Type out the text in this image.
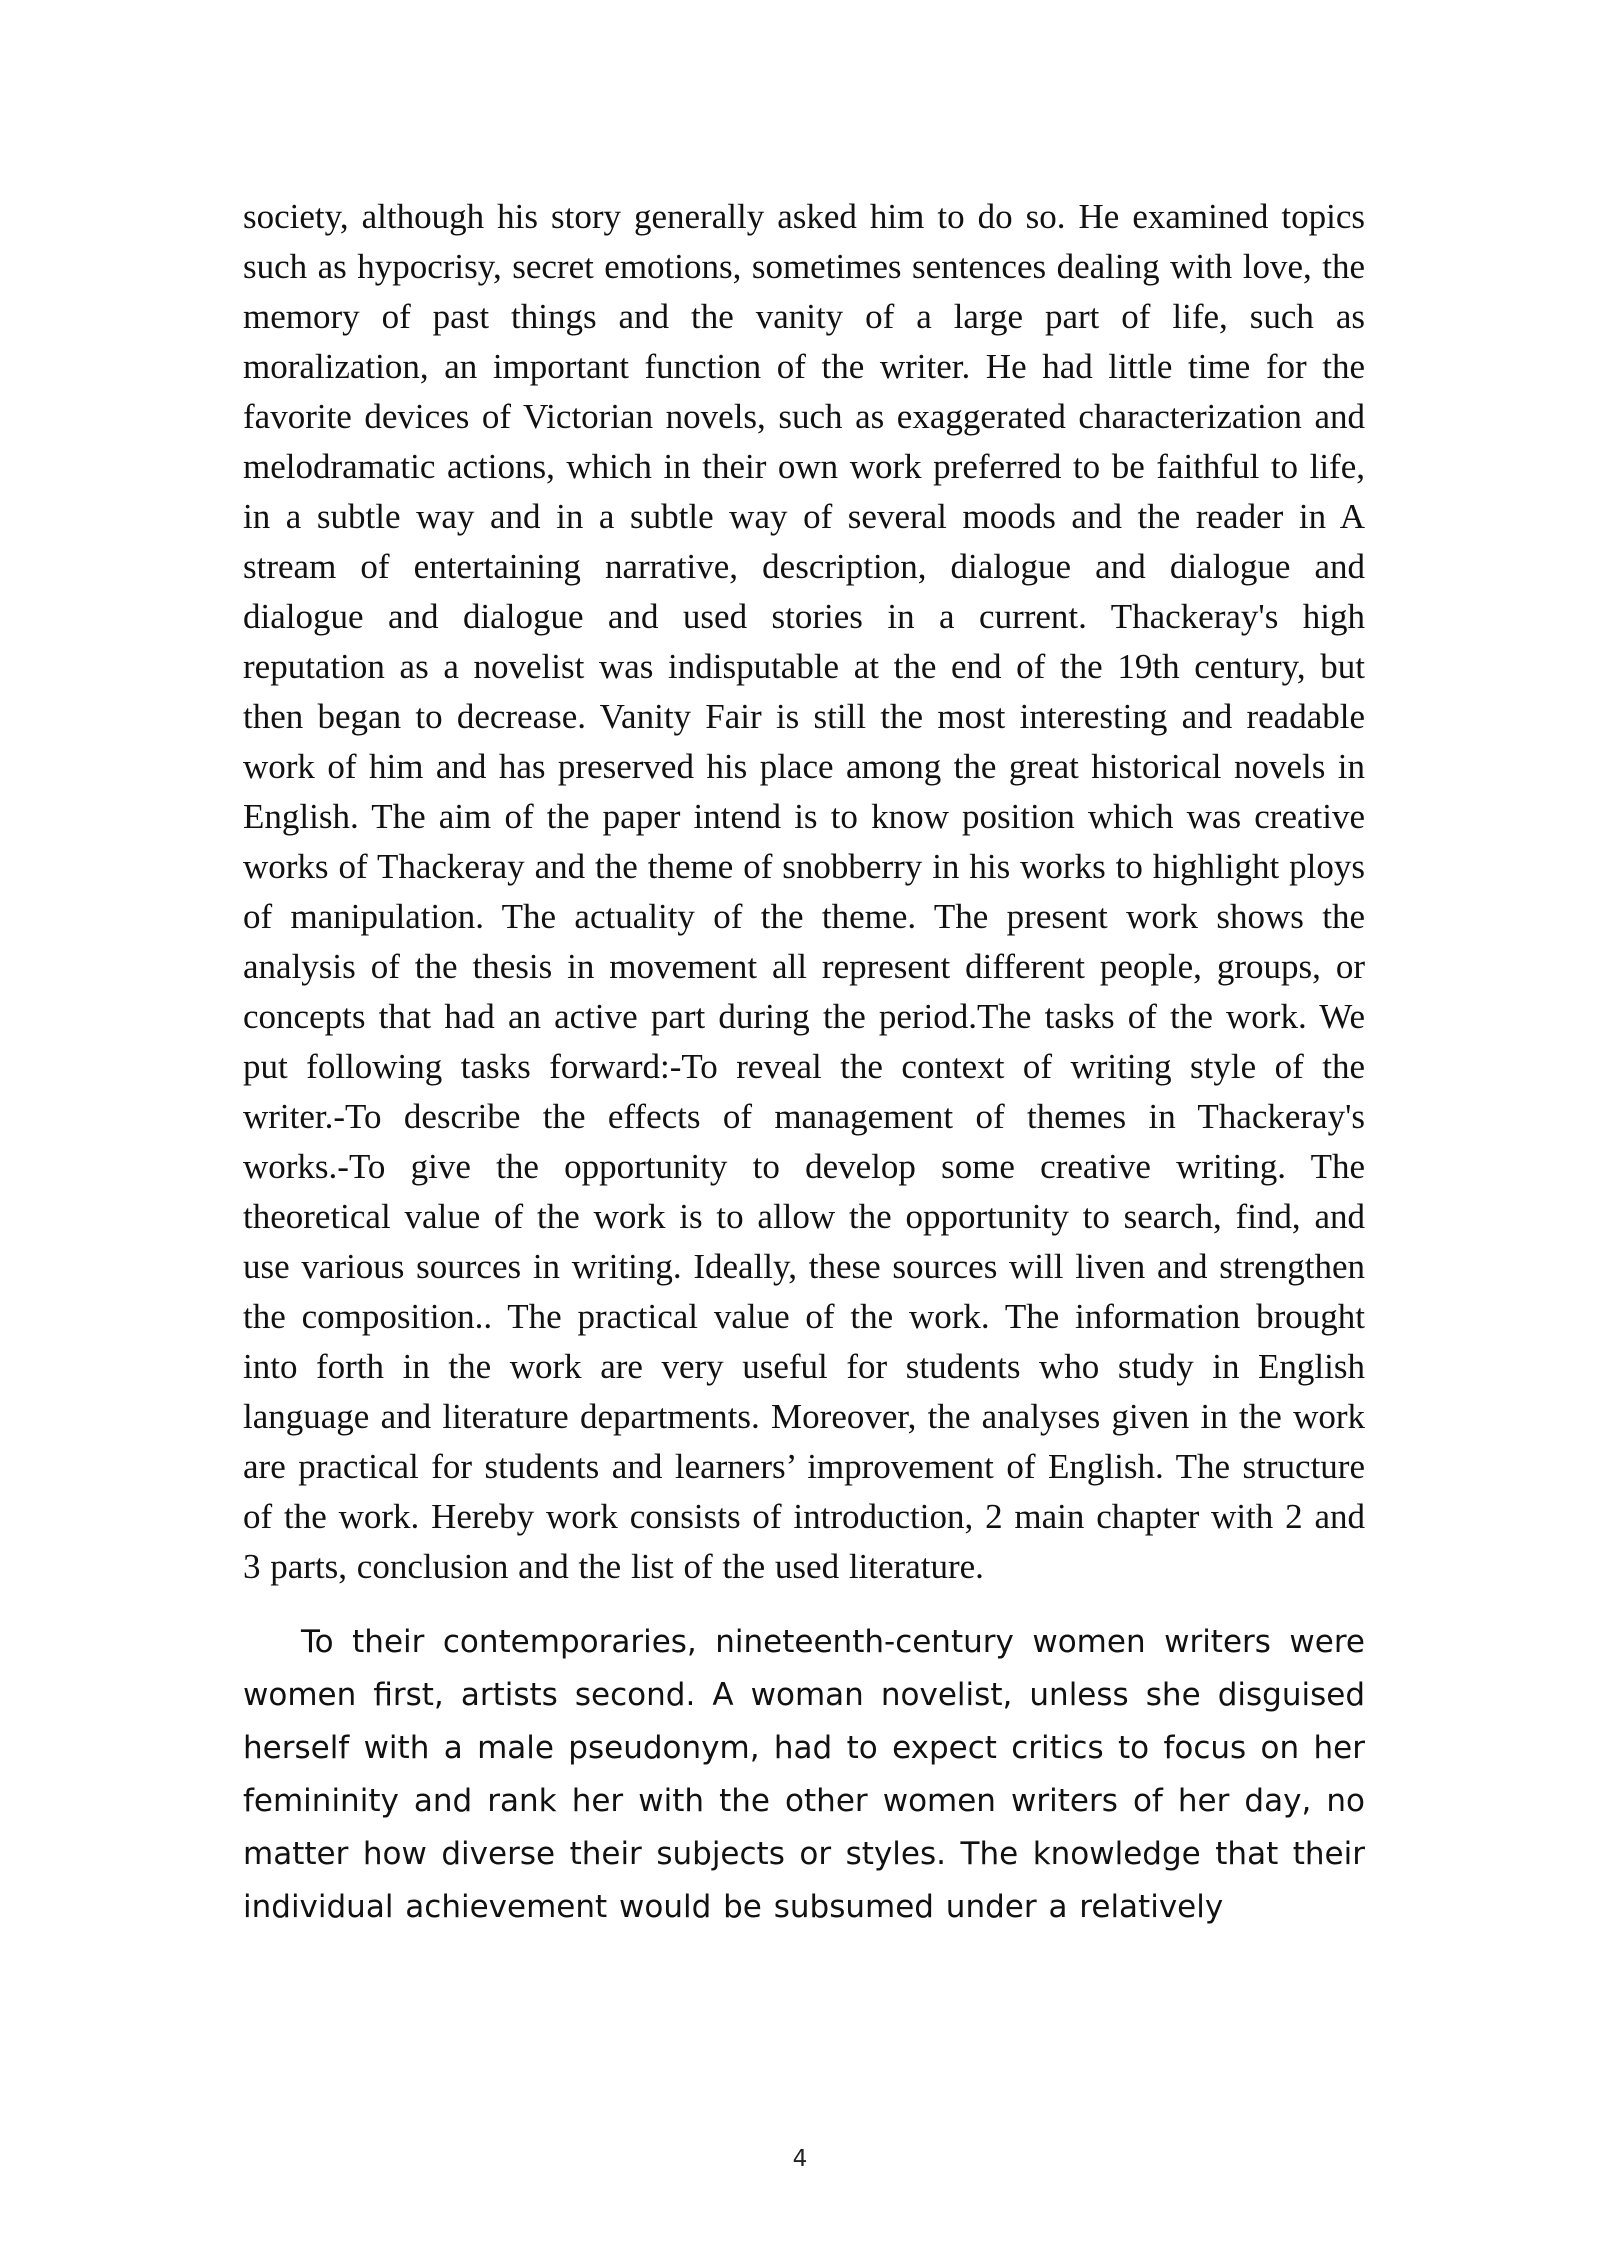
society, although his story generally asked him to do so. He examined topics such as hypocrisy, secret emotions, sometimes sentences dealing with love, the memory of past things and the vanity of a large part of life, such as moralization, an important function of the writer. He had little time for the favorite devices of Victorian novels, such as exaggerated characterization and melodramatic actions, which in their own work preferred to be faithful to life, in a subtle way and in a subtle way of several moods and the reader in A stream of entertaining narrative, description, dialogue and dialogue and dialogue and dialogue and used stories in a current. Thackeray's high reputation as a novelist was indisputable at the end of the 19th century, but then began to decrease. Vanity Fair is still the most interesting and readable work of him and has preserved his place among the great historical novels in English. The aim of the paper intend is to know position which was creative works of Thackeray and the theme of snobberry in his works to highlight ploys of manipulation. The actuality of the theme. The present work shows the analysis of the thesis in movement all represent different people, groups, or concepts that had an active part during the period.The tasks of the work. We put following tasks forward:-To reveal the context of writing style of the writer.-To describe the effects of management of themes in Thackeray's works.-To give the opportunity to develop some creative writing. The theoretical value of the work is to allow the opportunity to search, find, and use various sources in writing. Ideally, these sources will liven and strengthen the composition.. The practical value of the work. The information brought into forth in the work are very useful for students who study in English language and literature departments. Moreover, the analyses given in the work are practical for students and learners’ improvement of English. The structure of the work. Hereby work consists of introduction, 2 main chapter with 2 and 3 parts, conclusion and the list of the used literature.

To their contemporaries, nineteenth-century women writers were women first, artists second. A woman novelist, unless she disguised herself with a male pseudonym, had to expect critics to focus on her femininity and rank her with the other women writers of her day, no matter how diverse their subjects or styles. The knowledge that their individual achievement would be subsumed under a relatively

4
